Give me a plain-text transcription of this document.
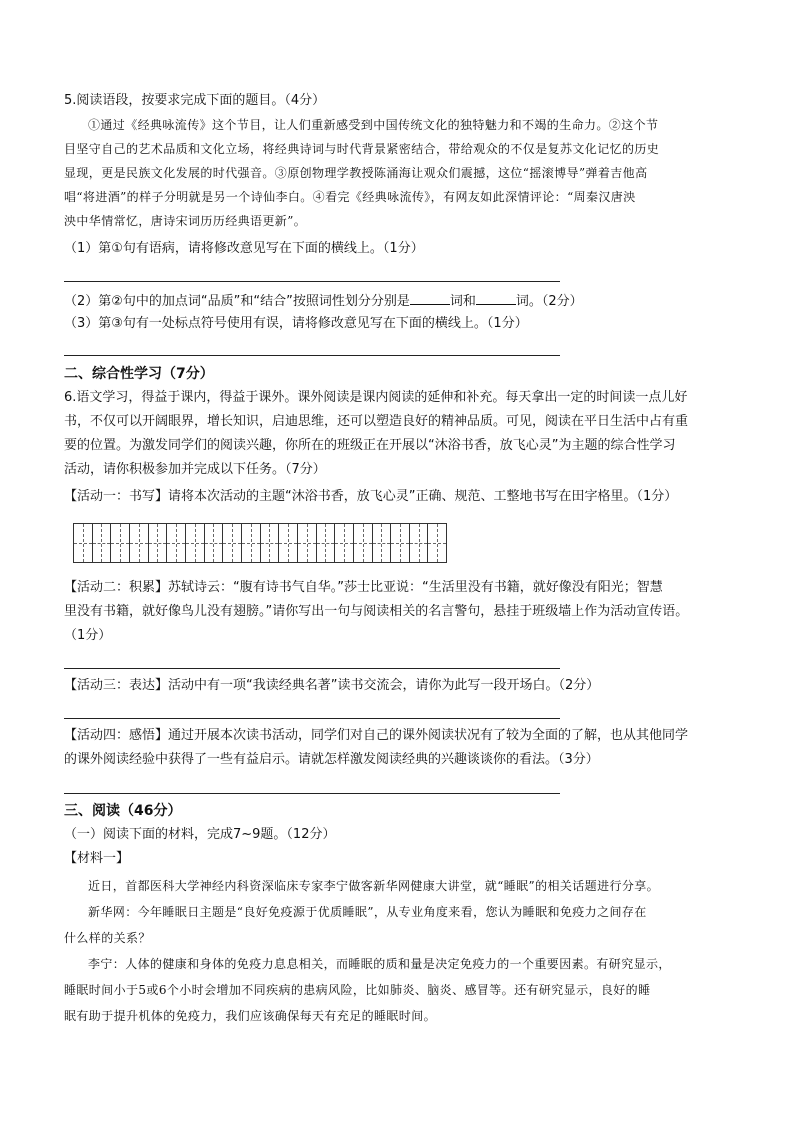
5.阅读语段，按要求完成下面的题目。（4分）
①通过《经典咏流传》这个节目，让人们重新感受到中国传统文化的独特魅力和不竭的生命力。②这个节
目坚守自己的艺术品质和文化立场，将经典诗词与时代背景紧密结合，带给观众的不仅是复苏文化记忆的历史
显现，更是民族文化发展的时代强音。③原创物理学教授陈涌海让观众们震撼，这位“摇滚博导”弹着吉他高
唱“将进酒”的样子分明就是另一个诗仙李白。④看完《经典咏流传》，有网友如此深情评论：“周秦汉唐泱
泱中华情常忆，唐诗宋词历历经典语更新”。
（1）第①句有语病，请将修改意见写在下面的横线上。（1分）
（2）第②句中的加点词“品质”和“结合”按照词性划分分别是	词和	词。（2分）
（3）第③句有一处标点符号使用有误，请将修改意见写在下面的横线上。（1分）
二、综合性学习（7分）
6.语文学习，得益于课内，得益于课外。课外阅读是课内阅读的延伸和补充。每天拿出一定的时间读一点儿好
书，不仅可以开阔眼界，增长知识，启迪思维，还可以塑造良好的精神品质。可见，阅读在平日生活中占有重
要的位置。为激发同学们的阅读兴趣，你所在的班级正在开展以“沐浴书香，放飞心灵”为主题的综合性学习
活动，请你积极参加并完成以下任务。（7分）
【活动一：书写】请将本次活动的主题“沐浴书香，放飞心灵”正确、规范、工整地书写在田字格里。（1分）
【活动二：积累】苏轼诗云：“腹有诗书气自华。”莎士比亚说：“生活里没有书籍，就好像没有阳光；智慧
里没有书籍，就好像鸟儿没有翅膀。”请你写出一句与阅读相关的名言警句，悬挂于班级墙上作为活动宣传语。
（1分）
【活动三：表达】活动中有一项“我读经典名著”读书交流会，请你为此写一段开场白。（2分）
【活动四：感悟】通过开展本次读书活动，同学们对自己的课外阅读状况有了较为全面的了解，也从其他同学
的课外阅读经验中获得了一些有益启示。请就怎样激发阅读经典的兴趣谈谈你的看法。（3分）
三、阅读（46分）
（一）阅读下面的材料，完成7~9题。（12分）
【材料一】
近日，首都医科大学神经内科资深临床专家李宁做客新华网健康大讲堂，就“睡眠”的相关话题进行分享。
新华网：今年睡眠日主题是“良好免疫源于优质睡眠”，从专业角度来看，您认为睡眠和免疫力之间存在
什么样的关系？
李宁：人体的健康和身体的免疫力息息相关，而睡眠的质和量是决定免疫力的一个重要因素。有研究显示，
睡眠时间小于5或6个小时会增加不同疾病的患病风险，比如肺炎、脑炎、感冒等。还有研究显示，良好的睡
眠有助于提升机体的免疫力，我们应该确保每天有充足的睡眠时间。
